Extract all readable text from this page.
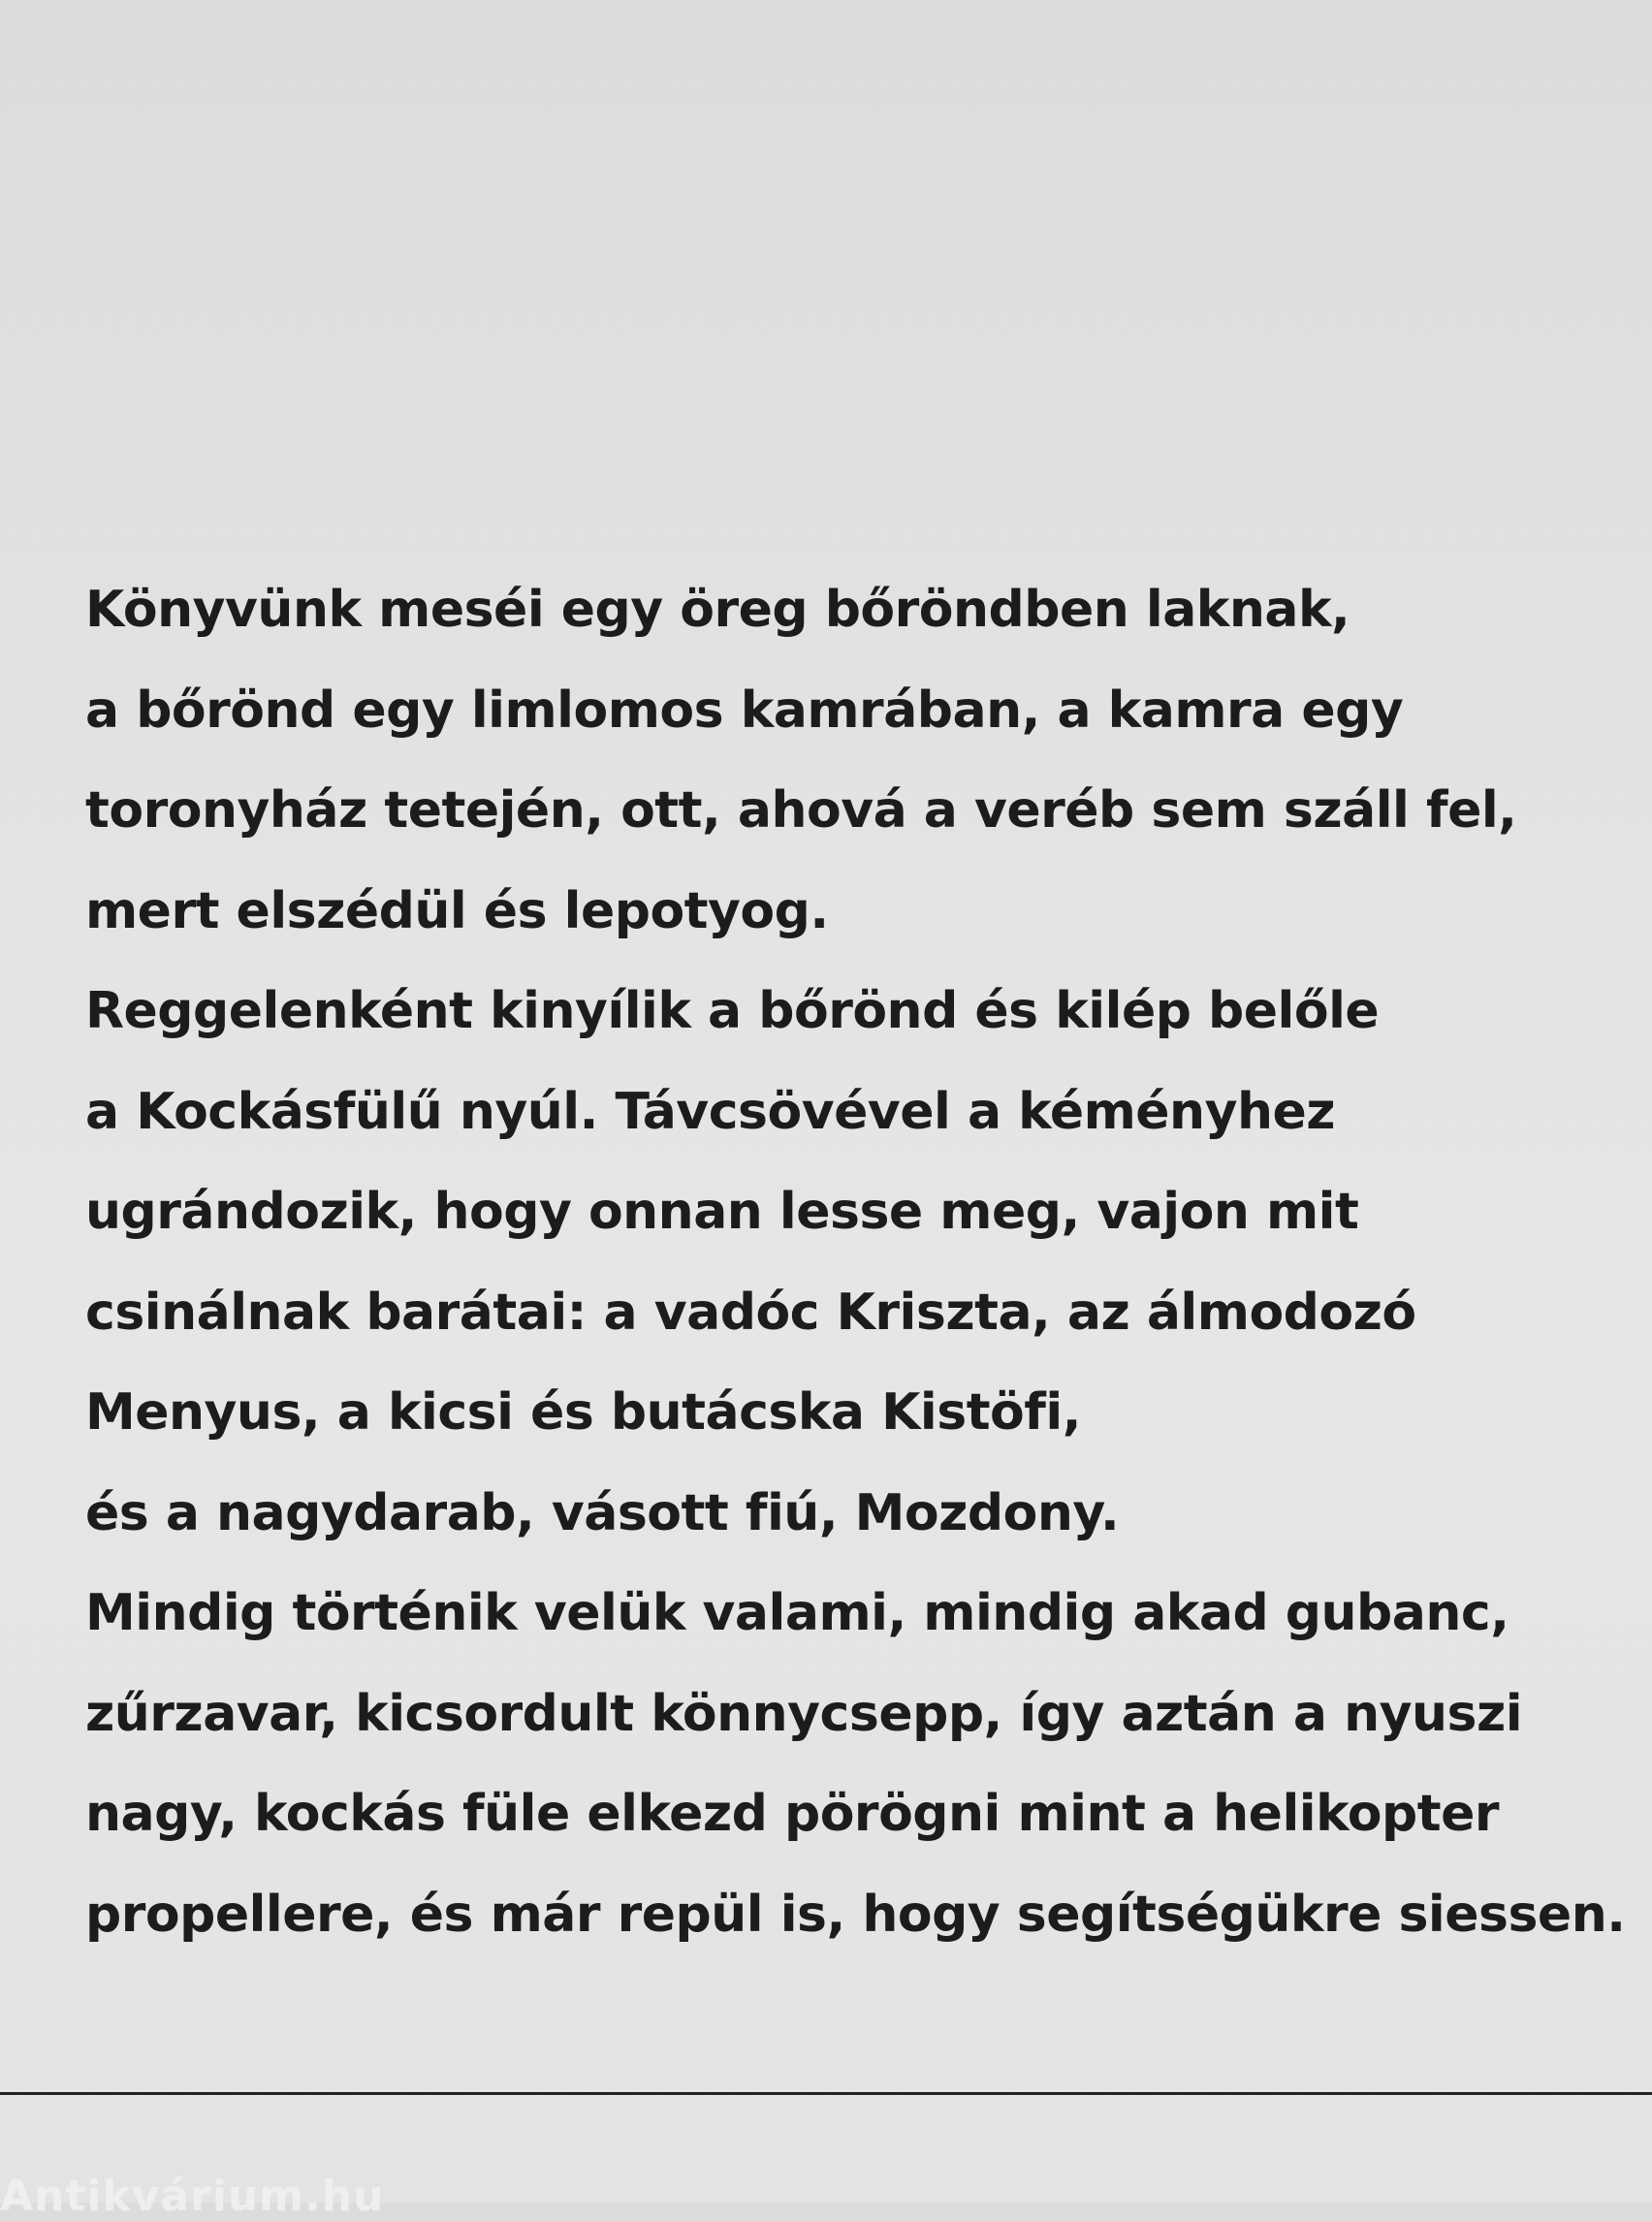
Könyvünk meséi egy öreg bőröndben laknak,
a bőrönd egy limlomos kamrában, a kamra egy
toronyház tetején, ott, ahová a veréb sem száll fel,
mert elszédül és lepotyog.
Reggelenként kinyílik a bőrönd és kilép belőle
a Kockásfülű nyúl. Távcsövével a kéményhez
ugrándozik, hogy onnan lesse meg, vajon mit
csinálnak barátai: a vadóc Kriszta, az álmodozó
Menyus, a kicsi és butácska Kistöfi,
és a nagydarab, vásott fiú, Mozdony.
Mindig történik velük valami, mindig akad gubanc,
zűrzavar, kicsordult könnycsepp, így aztán a nyuszi
nagy, kockás füle elkezd pörögni mint a helikopter
propellere, és már repül is, hogy segítségükre siessen.
Antikvárium.hu
